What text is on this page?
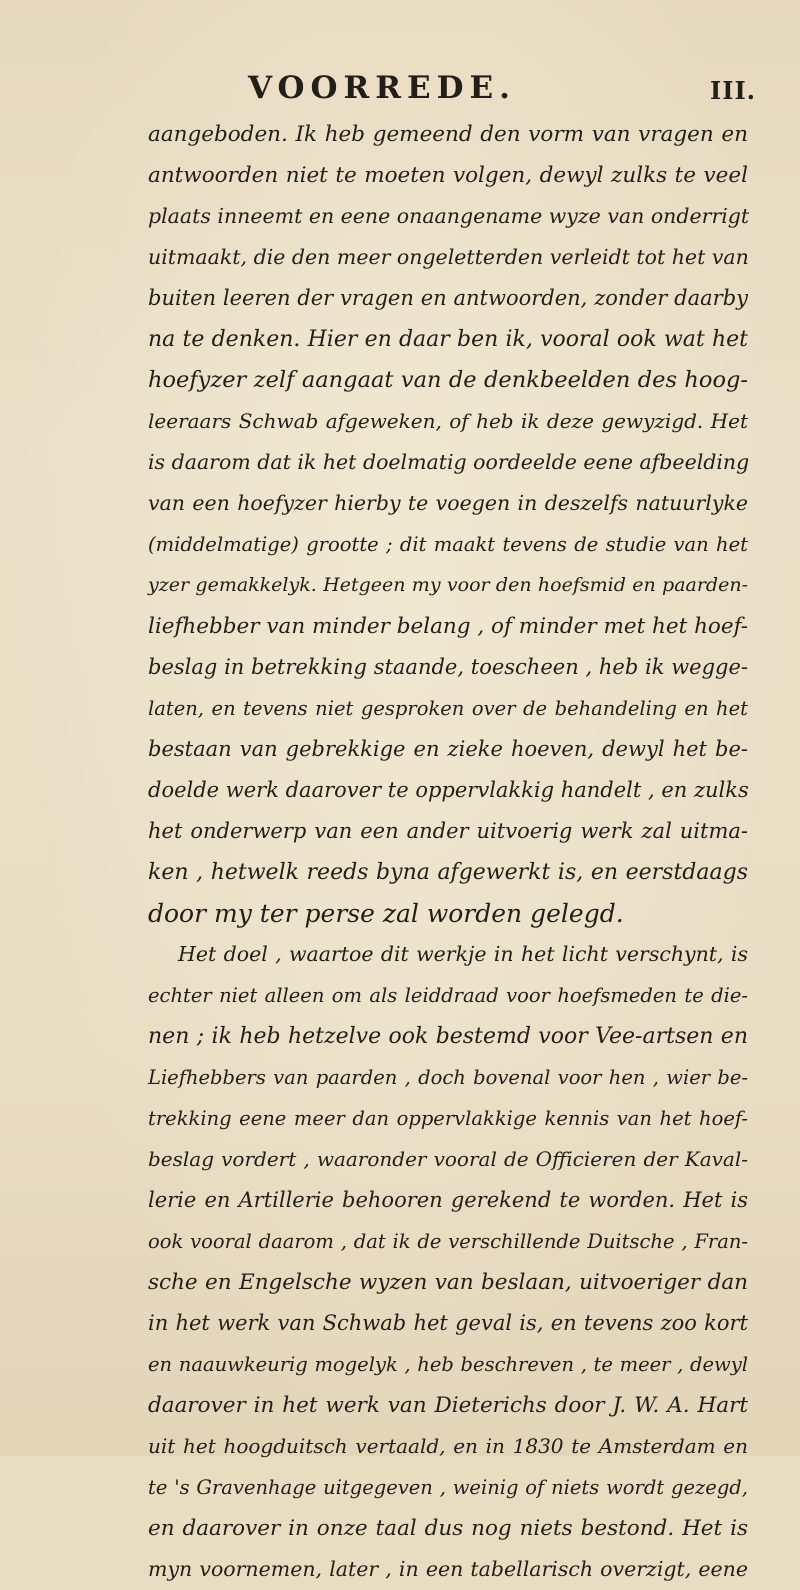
VOORREDE.	III.
aangeboden. Ik heb gemeend den vorm van vragen en
antwoorden niet te moeten volgen, dewyl zulks te veel
plaats inneemt en eene onaangename wyze van onderrigt
uitmaakt, die den meer ongeletterden verleidt tot het van
buiten leeren der vragen en antwoorden, zonder daarby
na te denken. Hier en daar ben ik, vooral ook wat het
hoefyzer zelf aangaat van de denkbeelden des hoog-
leeraars Schwab afgeweken, of heb ik deze gewyzigd. Het
is daarom dat ik het doelmatig oordeelde eene afbeelding
van een hoefyzer hierby te voegen in deszelfs natuurlyke
(middelmatige) grootte ; dit maakt tevens de studie van het
yzer gemakkelyk. Hetgeen my voor den hoefsmid en paarden-
liefhebber van minder belang , of minder met het hoef-
beslag in betrekking staande, toescheen , heb ik wegge-
laten, en tevens niet gesproken over de behandeling en het
bestaan van gebrekkige en zieke hoeven, dewyl het be-
doelde werk daarover te oppervlakkig handelt , en zulks
het onderwerp van een ander uitvoerig werk zal uitma-
ken , hetwelk reeds byna afgewerkt is, en eerstdaags
door my ter perse zal worden gelegd.
Het doel , waartoe dit werkje in het licht verschynt, is
echter niet alleen om als leiddraad voor hoefsmeden te die-
nen ; ik heb hetzelve ook bestemd voor Vee-artsen en
Liefhebbers van paarden , doch bovenal voor hen , wier be-
trekking eene meer dan oppervlakkige kennis van het hoef-
beslag vordert , waaronder vooral de Officieren der Kaval-
lerie en Artillerie behooren gerekend te worden. Het is
ook vooral daarom , dat ik de verschillende Duitsche , Fran-
sche en Engelsche wyzen van beslaan, uitvoeriger dan
in het werk van Schwab het geval is, en tevens zoo kort
en naauwkeurig mogelyk , heb beschreven , te meer , dewyl
daarover in het werk van Dieterichs door J. W. A. Hart
uit het hoogduitsch vertaald, en in 1830 te Amsterdam en
te 's Gravenhage uitgegeven , weinig of niets wordt gezegd,
en daarover in onze taal dus nog niets bestond. Het is
myn voornemen, later , in een tabellarisch overzigt, eene
